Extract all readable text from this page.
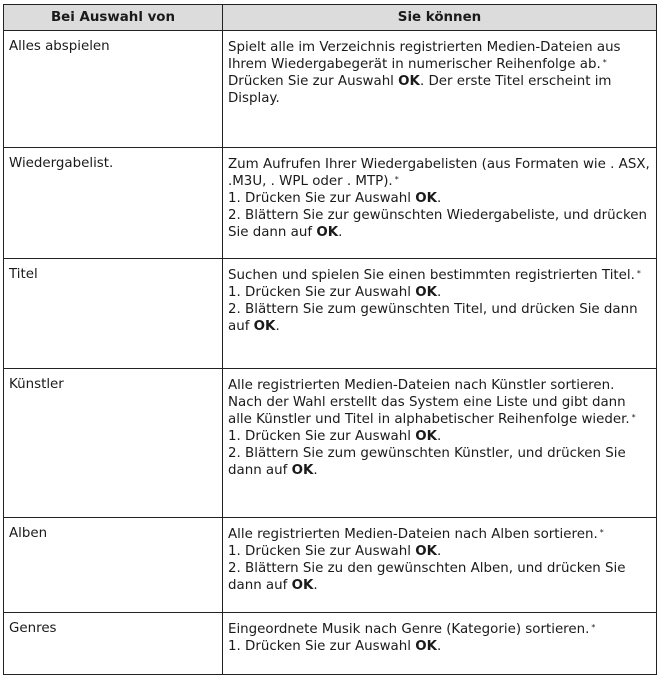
Bei Auswahl von	Sie können
Alles abspielen	Spielt alle im Verzeichnis registrierten Medien-Dateien aus Ihrem Wiedergabegerät in numerischer Reihenfolge ab. *
Drücken Sie zur Auswahl OK. Der erste Titel erscheint im Display.

Wiedergabelist.	Zum Aufrufen Ihrer Wiedergabelisten (aus Formaten wie . ASX, .M3U, . WPL oder . MTP). *
1. Drücken Sie zur Auswahl OK.
2. Blättern Sie zur gewünschten Wiedergabeliste, und drücken Sie dann auf OK.

Titel	Suchen und spielen Sie einen bestimmten registrierten Titel. *
1. Drücken Sie zur Auswahl OK.
2. Blättern Sie zum gewünschten Titel, und drücken Sie dann auf OK.

Künstler	Alle registrierten Medien-Dateien nach Künstler sortieren. Nach der Wahl erstellt das System eine Liste und gibt dann alle Künstler und Titel in alphabetischer Reihenfolge wieder. *
1. Drücken Sie zur Auswahl OK.
2. Blättern Sie zum gewünschten Künstler, und drücken Sie dann auf OK.

Alben	Alle registrierten Medien-Dateien nach Alben sortieren. *
1. Drücken Sie zur Auswahl OK.
2. Blättern Sie zu den gewünschten Alben, und drücken Sie dann auf OK.

Genres	Eingeordnete Musik nach Genre (Kategorie) sortieren. *
1. Drücken Sie zur Auswahl OK.
